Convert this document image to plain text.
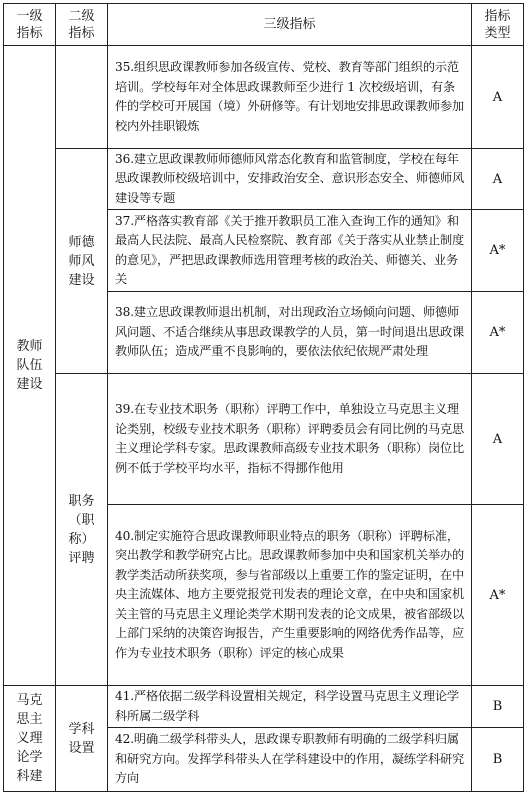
一级指标	二级指标	三级指标	指标类型

教师队伍建设		35.组织思政课教师参加各级宣传、党校、教育等部门组织的示范培训。学校每年对全体思政课教师至少进行 1 次校级培训，有条件的学校可开展国（境）外研修等。有计划地安排思政课教师参加校内外挂职锻炼	A

	师德师风建设	36.建立思政课教师师德师风常态化教育和监管制度，学校在每年思政课教师校级培训中，安排政治安全、意识形态安全、师德师风建设等专题	A
		37.严格落实教育部《关于推开教职员工准入查询工作的通知》和最高人民法院、最高人民检察院、教育部《关于落实从业禁止制度的意见》，严把思政课教师选用管理考核的政治关、师德关、业务关	A*
		38.建立思政课教师退出机制，对出现政治立场倾向问题、师德师风问题、不适合继续从事思政课教学的人员，第一时间退出思政课教师队伍；造成严重不良影响的，要依法依纪依规严肃处理	A*

	职务（职称）评聘	39.在专业技术职务（职称）评聘工作中，单独设立马克思主义理论类别，校级专业技术职务（职称）评聘委员会有同比例的马克思主义理论学科专家。思政课教师高级专业技术职务（职称）岗位比例不低于学校平均水平，指标不得挪作他用	A
		40.制定实施符合思政课教师职业特点的职务（职称）评聘标准，突出教学和教学研究占比。思政课教师参加中央和国家机关举办的教学类活动所获奖项，参与省部级以上重要工作的鉴定证明，在中央主流媒体、地方主要党报党刊发表的理论文章，在中央和国家机关主管的马克思主义理论类学术期刊发表的论文成果，被省部级以上部门采纳的决策咨询报告，产生重要影响的网络优秀作品等，应作为专业技术职务（职称）评定的核心成果	A*

马克思主义理论学科建	学科设置	41.严格依据二级学科设置相关规定，科学设置马克思主义理论学科所属二级学科	B
		42.明确二级学科带头人，思政课专职教师有明确的二级学科归属和研究方向。发挥学科带头人在学科建设中的作用，凝练学科研究方向	B
